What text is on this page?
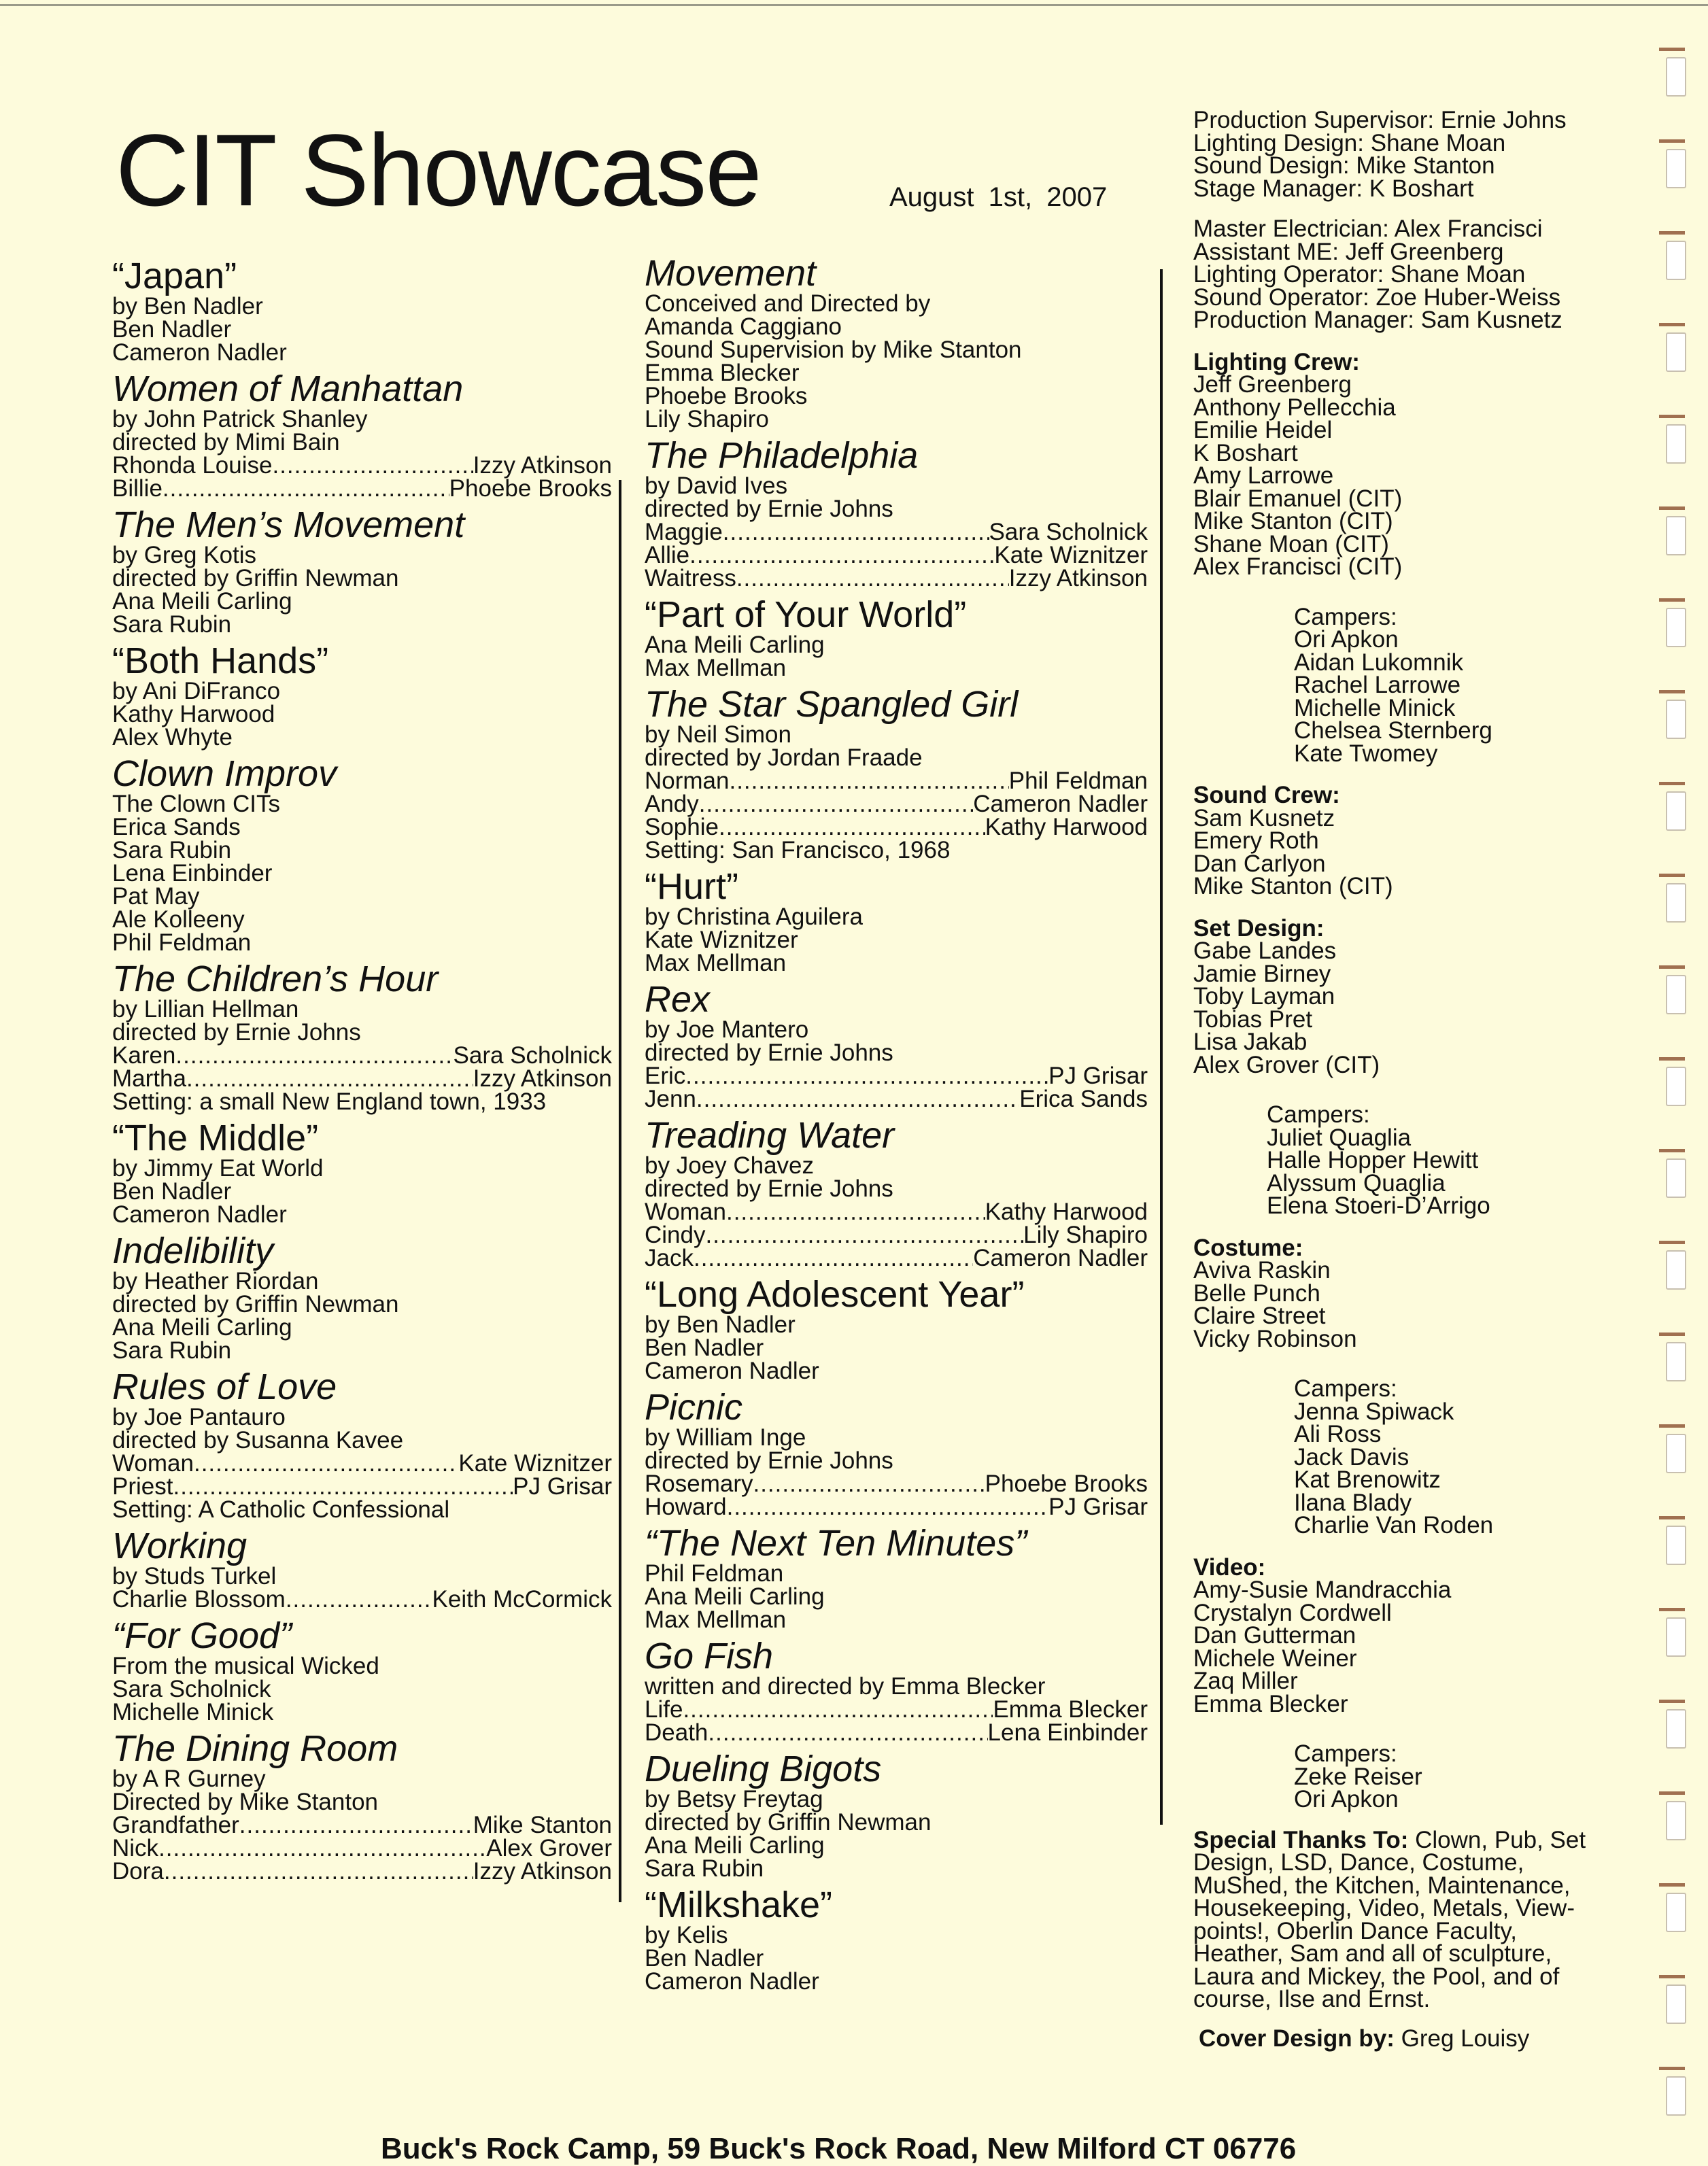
CIT Showcase	August 1st, 2007
“Japan”
by Ben Nadler
Ben Nadler
Cameron Nadler
Women of Manhattan
by John Patrick Shanley
directed by Mimi Bain
Rhonda Louise .....	Izzy Atkinson
Billie .....	Phoebe Brooks
The Men’s Movement
by Greg Kotis
directed by Griffin Newman
Ana Meili Carling
Sara Rubin
“Both Hands”
by Ani DiFranco
Kathy Harwood
Alex Whyte
Clown Improv
The Clown CITs
Erica Sands
Sara Rubin
Lena Einbinder
Pat May
Ale Kolleeny
Phil Feldman
The Children’s Hour
by Lillian Hellman
directed by Ernie Johns
Karen .....	Sara Scholnick
Martha .....	Izzy Atkinson
Setting: a small New England town, 1933
“The Middle”
by Jimmy Eat World
Ben Nadler
Cameron Nadler
Indelibility
by Heather Riordan
directed by Griffin Newman
Ana Meili Carling
Sara Rubin
Rules of Love
by Joe Pantauro
directed by Susanna Kavee
Woman .....	Kate Wiznitzer
Priest .....	PJ Grisar
Setting: A Catholic Confessional
Working
by Studs Turkel
Charlie Blossom .....	Keith McCormick
“For Good”
From the musical Wicked
Sara Scholnick
Michelle Minick
The Dining Room
by A R Gurney
Directed by Mike Stanton
Grandfather .....	Mike Stanton
Nick .....	Alex Grover
Dora .....	Izzy Atkinson
Movement
Conceived and Directed by
Amanda Caggiano
Sound Supervision by Mike Stanton
Emma Blecker
Phoebe Brooks
Lily Shapiro
The Philadelphia
by David Ives
directed by Ernie Johns
Maggie .....	Sara Scholnick
Allie .....	Kate Wiznitzer
Waitress .....	Izzy Atkinson
“Part of Your World”
Ana Meili Carling
Max Mellman
The Star Spangled Girl
by Neil Simon
directed by Jordan Fraade
Norman .....	Phil Feldman
Andy .....	Cameron Nadler
Sophie .....	Kathy Harwood
Setting: San Francisco, 1968
“Hurt”
by Christina Aguilera
Kate Wiznitzer
Max Mellman
Rex
by Joe Mantero
directed by Ernie Johns
Eric .....	PJ Grisar
Jenn .....	Erica Sands
Treading Water
by Joey Chavez
directed by Ernie Johns
Woman .....	Kathy Harwood
Cindy .....	Lily Shapiro
Jack .....	Cameron Nadler
“Long Adolescent Year”
by Ben Nadler
Ben Nadler
Cameron Nadler
Picnic
by William Inge
directed by Ernie Johns
Rosemary .....	Phoebe Brooks
Howard .....	PJ Grisar
“The Next Ten Minutes”
Phil Feldman
Ana Meili Carling
Max Mellman
Go Fish
written and directed by Emma Blecker
Life .....	Emma Blecker
Death .....	Lena Einbinder
Dueling Bigots
by Betsy Freytag
directed by Griffin Newman
Ana Meili Carling
Sara Rubin
“Milkshake”
by Kelis
Ben Nadler
Cameron Nadler
Production Supervisor: Ernie Johns
Lighting Design: Shane Moan
Sound Design: Mike Stanton
Stage Manager: K Boshart
Master Electrician: Alex Francisci
Assistant ME: Jeff Greenberg
Lighting Operator: Shane Moan
Sound Operator: Zoe Huber-Weiss
Production Manager: Sam Kusnetz
Lighting Crew:
Jeff Greenberg
Anthony Pellecchia
Emilie Heidel
K Boshart
Amy Larrowe
Blair Emanuel (CIT)
Mike Stanton (CIT)
Shane Moan (CIT)
Alex Francisci (CIT)
Campers:
Ori Apkon
Aidan Lukomnik
Rachel Larrowe
Michelle Minick
Chelsea Sternberg
Kate Twomey
Sound Crew:
Sam Kusnetz
Emery Roth
Dan Carlyon
Mike Stanton (CIT)
Set Design:
Gabe Landes
Jamie Birney
Toby Layman
Tobias Pret
Lisa Jakab
Alex Grover (CIT)
Campers:
Juliet Quaglia
Halle Hopper Hewitt
Alyssum Quaglia
Elena Stoeri-D’Arrigo
Costume:
Aviva Raskin
Belle Punch
Claire Street
Vicky Robinson
Campers:
Jenna Spiwack
Ali Ross
Jack Davis
Kat Brenowitz
Ilana Blady
Charlie Van Roden
Video:
Amy-Susie Mandracchia
Crystalyn Cordwell
Dan Gutterman
Michele Weiner
Zaq Miller
Emma Blecker
Campers:
Zeke Reiser
Ori Apkon
Special Thanks To: Clown, Pub, Set Design, LSD, Dance, Costume, MuShed, the Kitchen, Maintenance, Housekeeping, Video, Metals, View-points!, Oberlin Dance Faculty, Heather, Sam and all of sculpture, Laura and Mickey, the Pool, and of course, Ilse and Ernst.
Cover Design by: Greg Louisy
Buck's Rock Camp, 59 Buck's Rock Road, New Milford CT 06776
